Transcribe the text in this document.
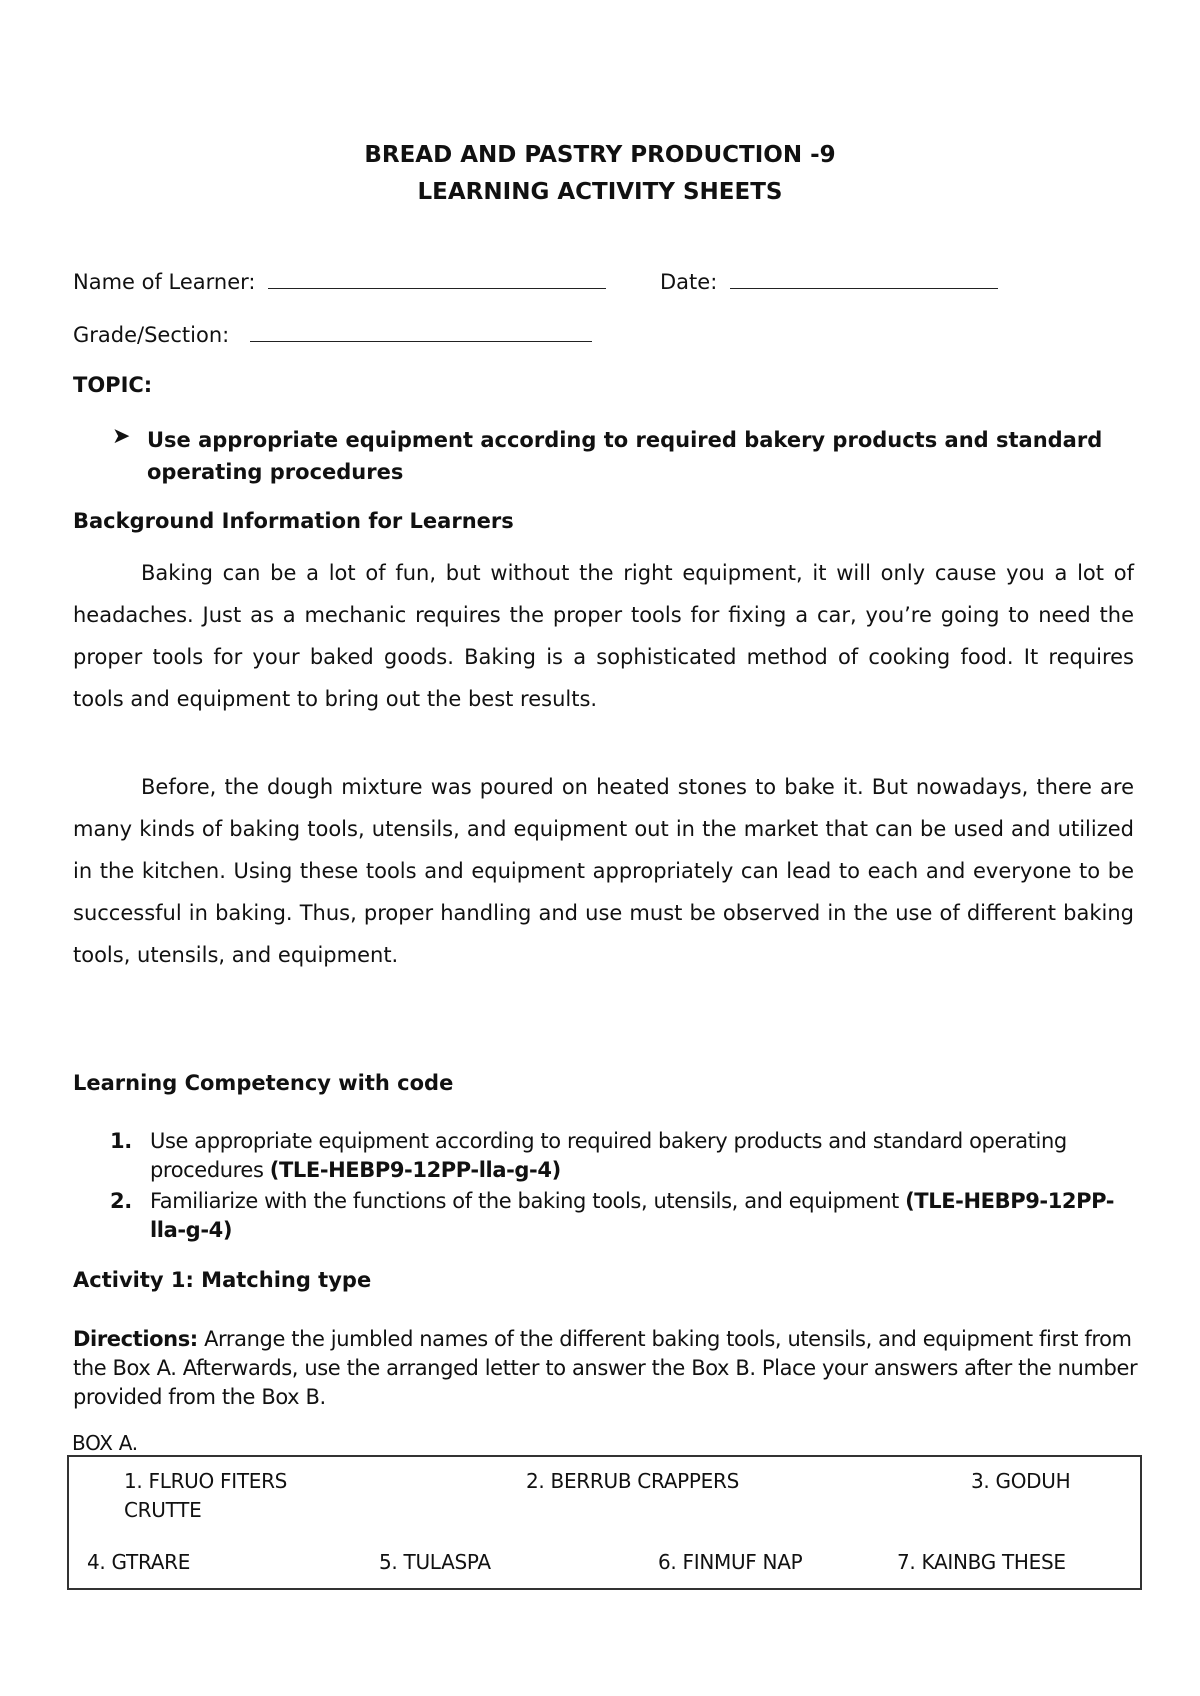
BREAD AND PASTRY PRODUCTION -9
LEARNING ACTIVITY SHEETS
Name of Learner:	Date:
Grade/Section:
TOPIC:
➤ Use appropriate equipment according to required bakery products and standard operating procedures
Background Information for Learners
Baking can be a lot of fun, but without the right equipment, it will only cause you a lot of headaches. Just as a mechanic requires the proper tools for fixing a car, you’re going to need the proper tools for your baked goods. Baking is a sophisticated method of cooking food. It requires tools and equipment to bring out the best results.
Before, the dough mixture was poured on heated stones to bake it. But nowadays, there are many kinds of baking tools, utensils, and equipment out in the market that can be used and utilized in the kitchen. Using these tools and equipment appropriately can lead to each and everyone to be successful in baking. Thus, proper handling and use must be observed in the use of different baking tools, utensils, and equipment.
Learning Competency with code
1. Use appropriate equipment according to required bakery products and standard operating procedures (TLE-HEBP9-12PP-lla-g-4)
2. Familiarize with the functions of the baking tools, utensils, and equipment (TLE-HEBP9-12PP-lla-g-4)
Activity 1: Matching type
Directions: Arrange the jumbled names of the different baking tools, utensils, and equipment first from the Box A. Afterwards, use the arranged letter to answer the Box B. Place your answers after the number provided from the Box B.
BOX A.
1. FLRUO FITERS	2. BERRUB CRAPPERS	3. GODUH
CRUTTE
4. GTRARE	5. TULASPA	6. FINMUF NAP	7. KAINBG THESE
